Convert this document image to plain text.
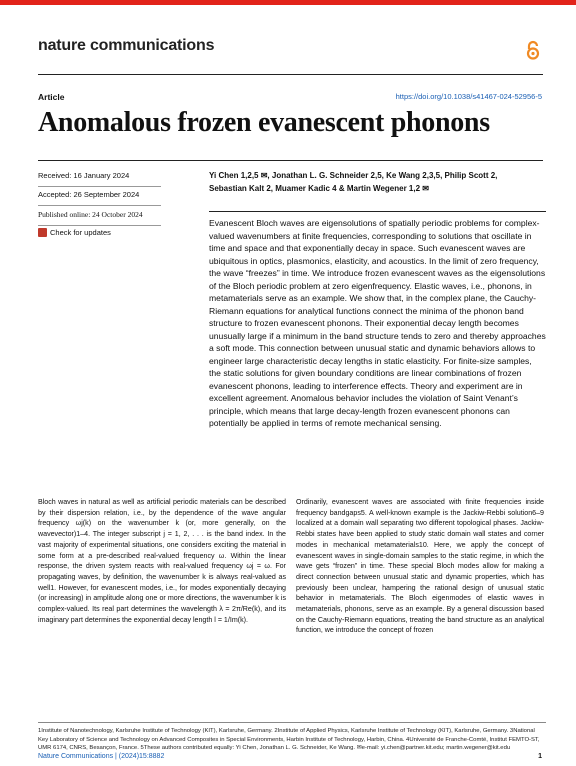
nature communications
Article	https://doi.org/10.1038/s41467-024-52956-5
Anomalous frozen evanescent phonons
Received: 16 January 2024
Accepted: 26 September 2024
Published online: 24 October 2024
Check for updates
Yi Chen 1,2,5 ✉, Jonathan L. G. Schneider 2,5, Ke Wang 2,3,5, Philip Scott 2,
Sebastian Kalt 2, Muamer Kadic 4 & Martin Wegener 1,2 ✉
Evanescent Bloch waves are eigensolutions of spatially periodic problems for complex-valued wavenumbers at finite frequencies, corresponding to solutions that oscillate in time and space and that exponentially decay in space. Such evanescent waves are ubiquitous in optics, plasmonics, elasticity, and acoustics. In the limit of zero frequency, the wave “freezes” in time. We introduce frozen evanescent waves as the eigensolutions of the Bloch periodic problem at zero eigenfrequency. Elastic waves, i.e., phonons, in metamaterials serve as an example. We show that, in the complex plane, the Cauchy-Riemann equations for analytical functions connect the minima of the phonon band structure to frozen evanescent phonons. Their exponential decay length becomes unusually large if a minimum in the band structure tends to zero and thereby approaches a soft mode. This connection between unusual static and dynamic behaviors allows to engineer large characteristic decay lengths in static elasticity. For finite-size samples, the static solutions for given boundary conditions are linear combinations of frozen evanescent phonons, leading to interference effects. Theory and experiment are in excellent agreement. Anomalous behavior includes the violation of Saint Venant’s principle, which means that large decay-length frozen evanescent phonons can potentially be applied in terms of remote mechanical sensing.
Bloch waves in natural as well as artificial periodic materials can be described by their dispersion relation, i.e., by the dependence of the wave angular frequency ωj(k) on the wavenumber k (or, more generally, on the wavevector)1–4. The integer subscript j = 1, 2, . . . is the band index. In the vast majority of experimental situations, one considers exciting the material in some form at a pre-described real-valued frequency ω. Within the linear response, the driven system reacts with real-valued frequency ωj = ω. For propagating waves, by definition, the wavenumber k is always real-valued as well1. However, for evanescent modes, i.e., for modes exponentially decaying (or increasing) in amplitude along one or more directions, the wavenumber k is complex-valued. Its real part determines the wavelength λ = 2π/Re(k), and its imaginary part determines the exponential decay length l = 1/Im(k).
Ordinarily, evanescent waves are associated with finite frequencies inside frequency bandgaps5. A well-known example is the Jackiw-Rebbi solution6–9 localized at a domain wall separating two different topological phases. Jackiw-Rebbi states have been applied to study static domain wall states and corner modes in mechanical metamaterials10. Here, we apply the concept of evanescent waves in single-domain samples to the static regime, in which the wave gets “frozen” in time. These special Bloch modes allow for making a direct connection between unusual static and dynamic properties, which has previously been unclear, hampering the rational design of unusual static behavior in metamaterials. The Bloch eigenmodes of elastic waves in metamaterials, phonons, serve as an example. By a general discussion based on the Cauchy-Riemann equations, treating the band structure as an analytical function, we introduce the concept of frozen
1Institute of Nanotechnology, Karlsruhe Institute of Technology (KIT), Karlsruhe, Germany. 2Institute of Applied Physics, Karlsruhe Institute of Technology (KIT), Karlsruhe, Germany. 3National Key Laboratory of Science and Technology on Advanced Composites in Special Environments, Harbin Institute of Technology, Harbin, China. 4Université de Franche-Comté, Institut FEMTO-ST, UMR 6174, CNRS, Besançon, France. 5These authors contributed equally: Yi Chen, Jonathan L. G. Schneider, Ke Wang. ✉e-mail: yi.chen@partner.kit.edu; martin.wegener@kit.edu
Nature Communications | (2024)15:8882	1
